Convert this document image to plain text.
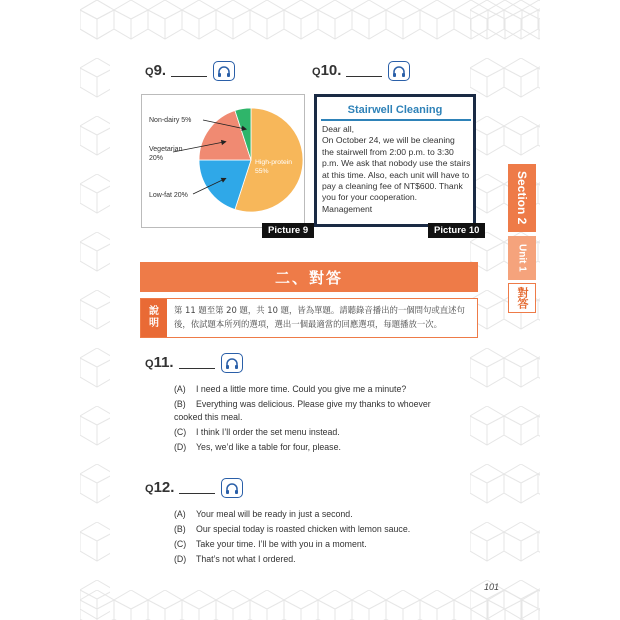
Q9.	Q10.
Non-dairy 5%
Vegetarian
20%
Low-fat 20%
High-protein
55%
Picture 9
Stairwell Cleaning
Dear all,
On October 24, we will be cleaning
the stairwell from 2:00 p.m. to 3:30
p.m. We ask that nobody use the stairs
at this time. Also, each unit will have to
pay a cleaning fee of NT$600. Thank
you for your cooperation.
Management
Picture 10
二、對答
說
明
第 11 題至第 20 題，共 10 題，皆為單題。請聽錄音播出的一個問句或直述句
後，依試題本所列的選項，選出一個最適當的回應選項，每題播放一次。
Q11.
(A) I need a little more time. Could you give me a minute?
(B) Everything was delicious. Please give my thanks to whoever
cooked this meal.
(C) I think I’ll order the set menu instead.
(D) Yes, we’d like a table for four, please.
Q12.
(A) Your meal will be ready in just a second.
(B) Our special today is roasted chicken with lemon sauce.
(C) Take your time. I’ll be with you in a moment.
(D) That’s not what I ordered.
Section 2
Unit 1
對答
101
